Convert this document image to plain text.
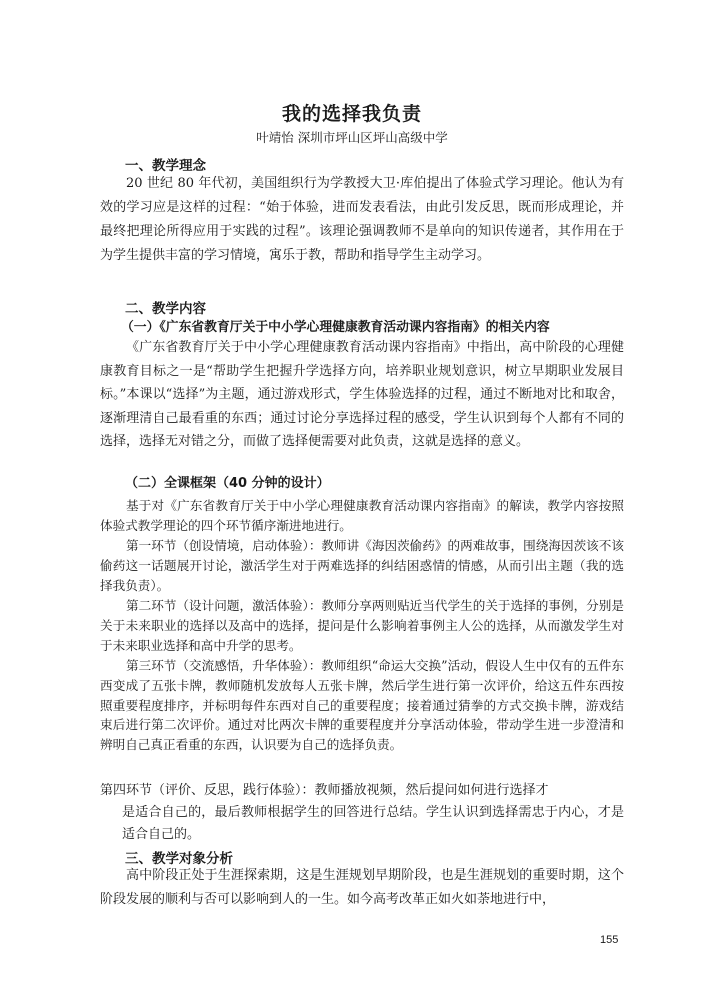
我的选择我负责
叶靖怡 深圳市坪山区坪山高级中学
一、教学理念

20 世纪 80 年代初，美国组织行为学教授大卫·库伯提出了体验式学习理论。他认为有效的学习应是这样的过程：“始于体验，进而发表看法，由此引发反思，既而形成理论，并最终把理论所得应用于实践的过程”。该理论强调教师不是单向的知识传递者，其作用在于为学生提供丰富的学习情境，寓乐于教，帮助和指导学生主动学习。

二、教学内容
（一）《广东省教育厅关于中小学心理健康教育活动课内容指南》的相关内容

《广东省教育厅关于中小学心理健康教育活动课内容指南》中指出，高中阶段的心理健康教育目标之一是“帮助学生把握升学选择方向，培养职业规划意识，树立早期职业发展目标。”本课以“选择”为主题，通过游戏形式，学生体验选择的过程，通过不断地对比和取舍，逐渐理清自己最看重的东西；通过讨论分享选择过程的感受，学生认识到每个人都有不同的选择，选择无对错之分，而做了选择便需要对此负责，这就是选择的意义。

（二）全课框架（40 分钟的设计）

基于对《广东省教育厅关于中小学心理健康教育活动课内容指南》的解读，教学内容按照体验式教学理论的四个环节循序渐进地进行。

第一环节（创设情境，启动体验）：教师讲《海因茨偷药》的两难故事，围绕海因茨该不该偷药这一话题展开讨论，激活学生对于两难选择的纠结困惑情的情感，从而引出主题（我的选择我负责）。

第二环节（设计问题，激活体验）：教师分享两则贴近当代学生的关于选择的事例，分别是关于未来职业的选择以及高中的选择，提问是什么影响着事例主人公的选择，从而激发学生对于未来职业选择和高中升学的思考。

第三环节（交流感悟，升华体验）：教师组织“命运大交换”活动，假设人生中仅有的五件东西变成了五张卡牌，教师随机发放每人五张卡牌，然后学生进行第一次评价，给这五件东西按照重要程度排序，并标明每件东西对自己的重要程度；接着通过猜拳的方式交换卡牌，游戏结束后进行第二次评价。通过对比两次卡牌的重要程度并分享活动体验，带动学生进一步澄清和辨明自己真正看重的东西，认识要为自己的选择负责。

第四环节（评价、反思，践行体验）：教师播放视频，然后提问如何进行选择才
是适合自己的，最后教师根据学生的回答进行总结。学生认识到选择需忠于内心，才是适合自己的。
三、教学对象分析

高中阶段正处于生涯探索期，这是生涯规划早期阶段，也是生涯规划的重要时期，这个阶段发展的顺利与否可以影响到人的一生。如今高考改革正如火如荼地进行中，

155
